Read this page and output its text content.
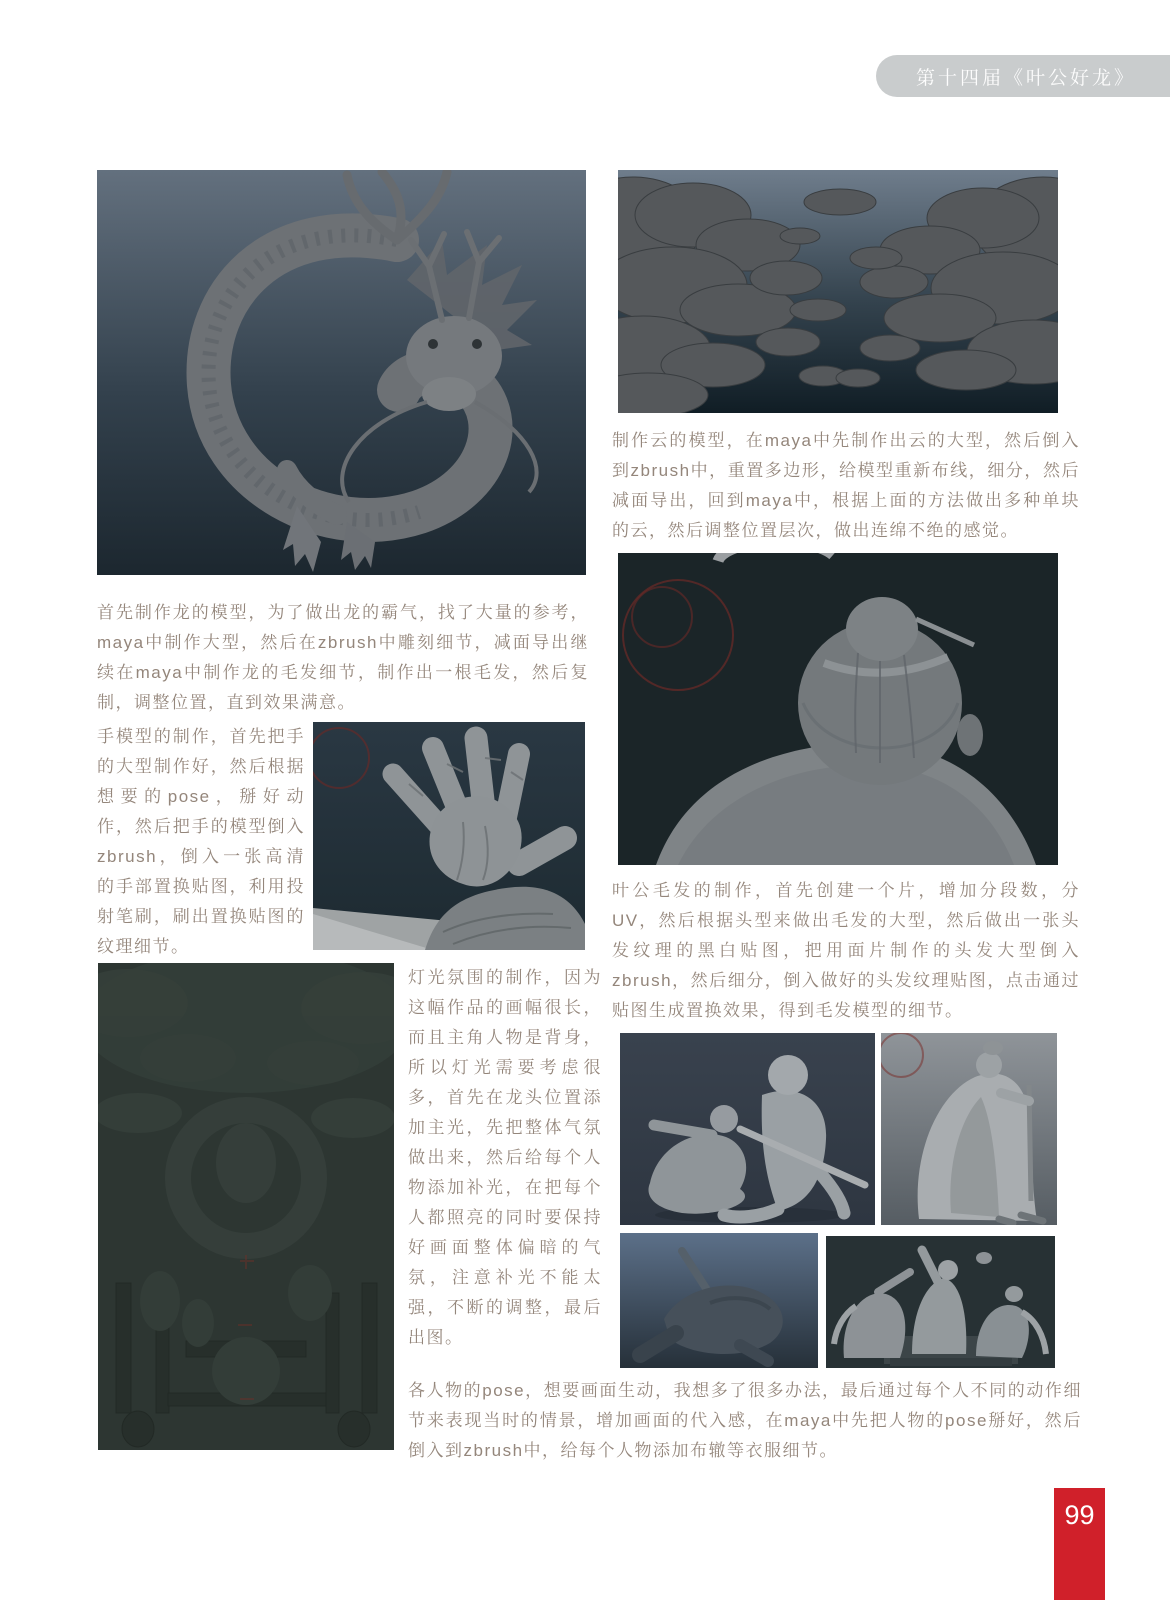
第十四届《叶公好龙》
制作云的模型，在maya中先制作出云的大型，然后倒入到zbrush中，重置多边形，给模型重新布线，细分，然后减面导出，回到maya中，根据上面的方法做出多种单块的云，然后调整位置层次，做出连绵不绝的感觉。
叶公毛发的制作，首先创建一个片，增加分段数，分UV，然后根据头型来做出毛发的大型，然后做出一张头发纹理的黑白贴图，把用面片制作的头发大型倒入zbrush，然后细分，倒入做好的头发纹理贴图，点击通过贴图生成置换效果，得到毛发模型的细节。
首先制作龙的模型，为了做出龙的霸气，找了大量的参考，maya中制作大型，然后在zbrush中雕刻细节，减面导出继续在maya中制作龙的毛发细节，制作出一根毛发，然后复制，调整位置，直到效果满意。
手模型的制作，首先把手的大型制作好，然后根据想要的pose，掰好动作，然后把手的模型倒入zbrush，倒入一张高清的手部置换贴图，利用投射笔刷，刷出置换贴图的纹理细节。
灯光氛围的制作，因为这幅作品的画幅很长，而且主角人物是背身，所以灯光需要考虑很多，首先在龙头位置添加主光，先把整体气氛做出来，然后给每个人物添加补光，在把每个人都照亮的同时要保持好画面整体偏暗的气氛，注意补光不能太强，不断的调整，最后出图。
各人物的pose，想要画面生动，我想多了很多办法，最后通过每个人不同的动作细节来表现当时的情景，增加画面的代入感，在maya中先把人物的pose掰好，然后倒入到zbrush中，给每个人物添加布辙等衣服细节。
99
